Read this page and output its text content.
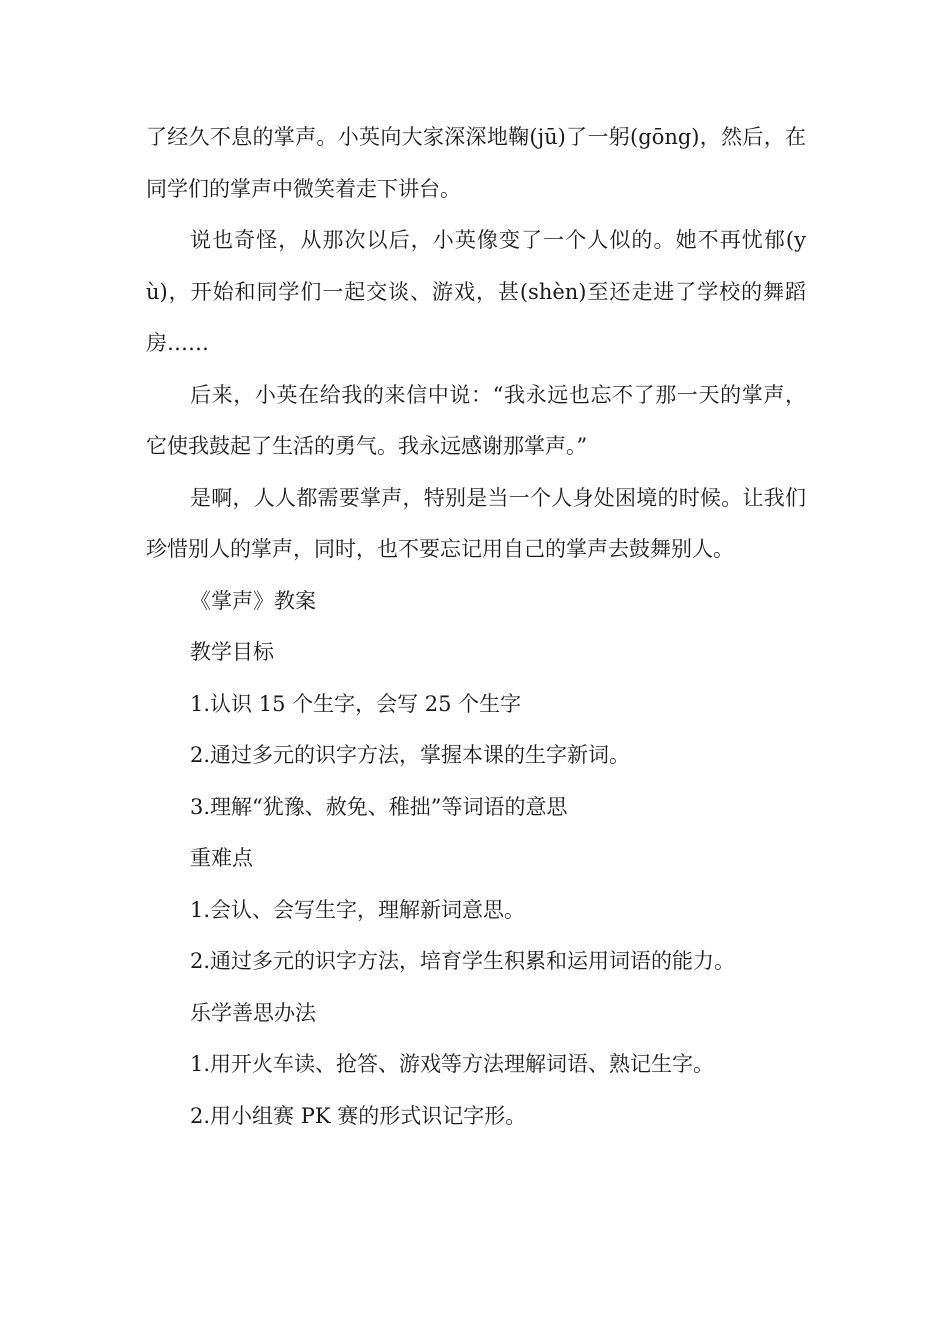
了经久不息的掌声。小英向大家深深地鞠(jū)了一躬(gōng)，然后，在同学们的掌声中微笑着走下讲台。

说也奇怪，从那次以后，小英像变了一个人似的。她不再忧郁(yù)，开始和同学们一起交谈、游戏，甚(shèn)至还走进了学校的舞蹈房……

后来，小英在给我的来信中说：“我永远也忘不了那一天的掌声，它使我鼓起了生活的勇气。我永远感谢那掌声。”

是啊，人人都需要掌声，特别是当一个人身处困境的时候。让我们珍惜别人的掌声，同时，也不要忘记用自己的掌声去鼓舞别人。

《掌声》教案

教学目标

1.认识 15 个生字，会写 25 个生字

2.通过多元的识字方法，掌握本课的生字新词。

3.理解“犹豫、赦免、稚拙”等词语的意思

重难点

1.会认、会写生字，理解新词意思。

2.通过多元的识字方法，培育学生积累和运用词语的能力。

乐学善思办法

1.用开火车读、抢答、游戏等方法理解词语、熟记生字。

2.用小组赛 PK 赛的形式识记字形。
